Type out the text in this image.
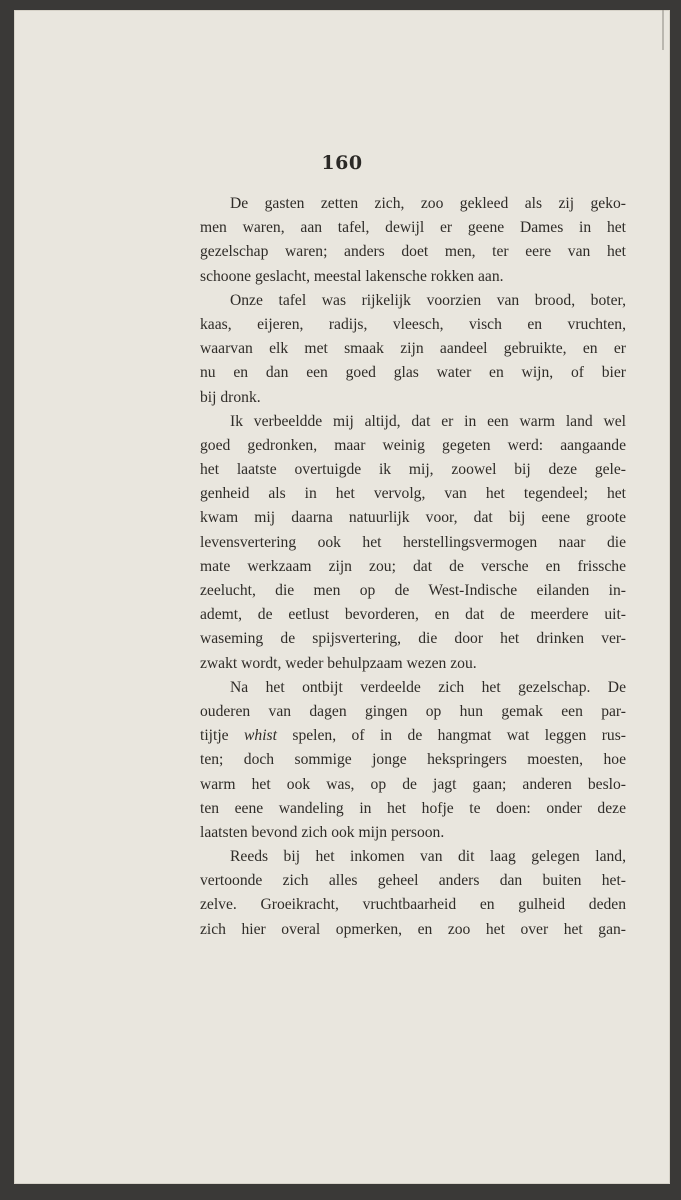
160
De gasten zetten zich, zoo gekleed als zij geko-
men waren, aan tafel, dewijl er geene Dames in het
gezelschap waren; anders doet men, ter eere van het
schoone geslacht, meestal lakensche rokken aan.
Onze tafel was rijkelijk voorzien van brood, boter,
kaas, eijeren, radijs, vleesch, visch en vruchten,
waarvan elk met smaak zijn aandeel gebruikte, en er
nu en dan een goed glas water en wijn, of bier
bij dronk.
Ik verbeeldde mij altijd, dat er in een warm land wel
goed gedronken, maar weinig gegeten werd: aangaande
het laatste overtuigde ik mij, zoowel bij deze gele-
genheid als in het vervolg, van het tegendeel; het
kwam mij daarna natuurlijk voor, dat bij eene groote
levensvertering ook het herstellingsvermogen naar die
mate werkzaam zijn zou; dat de versche en frissche
zeelucht, die men op de West-Indische eilanden in-
ademt, de eetlust bevorderen, en dat de meerdere uit-
waseming de spijsvertering, die door het drinken ver-
zwakt wordt, weder behulpzaam wezen zou.
Na het ontbijt verdeelde zich het gezelschap. De
ouderen van dagen gingen op hun gemak een par-
tijtje whist spelen, of in de hangmat wat leggen rus-
ten; doch sommige jonge hekspringers moesten, hoe
warm het ook was, op de jagt gaan; anderen beslo-
ten eene wandeling in het hofje te doen: onder deze
laatsten bevond zich ook mijn persoon.
Reeds bij het inkomen van dit laag gelegen land,
vertoonde zich alles geheel anders dan buiten het-
zelve. Groeikracht, vruchtbaarheid en gulheid deden
zich hier overal opmerken, en zoo het over het gan-
